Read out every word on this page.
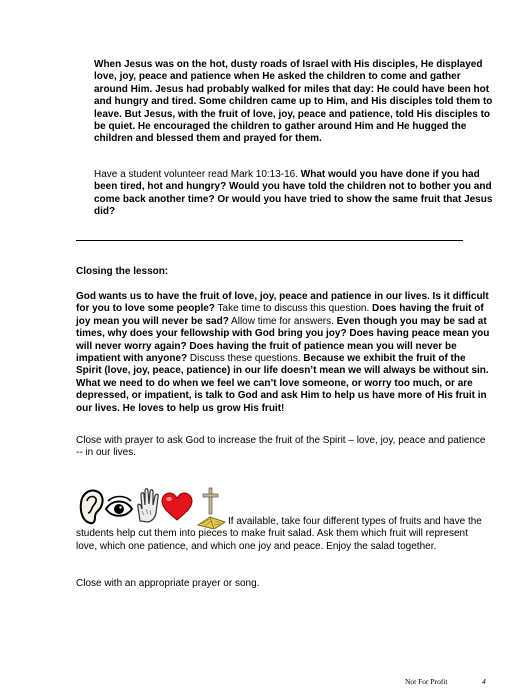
When Jesus was on the hot, dusty roads of Israel with His disciples, He displayed love, joy, peace and patience when He asked the children to come and gather around Him. Jesus had probably walked for miles that day: He could have been hot and hungry and tired. Some children came up to Him, and His disciples told them to leave. But Jesus, with the fruit of love, joy, peace and patience, told His disciples to be quiet. He encouraged the children to gather around Him and He hugged the children and blessed them and prayed for them.

Have a student volunteer read Mark 10:13-16. What would you have done if you had been tired, hot and hungry? Would you have told the children not to bother you and come back another time? Or would you have tried to show the same fruit that Jesus did?

Closing the lesson:

God wants us to have the fruit of love, joy, peace and patience in our lives. Is it difficult for you to love some people? Take time to discuss this question. Does having the fruit of joy mean you will never be sad? Allow time for answers. Even though you may be sad at times, why does your fellowship with God bring you joy? Does having peace mean you will never worry again? Does having the fruit of patience mean you will never be impatient with anyone? Discuss these questions. Because we exhibit the fruit of the Spirit (love, joy, peace, patience) in our life doesn’t mean we will always be without sin. What we need to do when we feel we can’t love someone, or worry too much, or are depressed, or impatient, is talk to God and ask Him to help us have more of His fruit in our lives. He loves to help us grow His fruit!

Close with prayer to ask God to increase the fruit of the Spirit – love, joy, peace and patience -- in our lives.

If available, take four different types of fruits and have the students help cut them into pieces to make fruit salad. Ask them which fruit will represent love, which one patience, and which one joy and peace. Enjoy the salad together.

Close with an appropriate prayer or song.

Not For Profit	4
